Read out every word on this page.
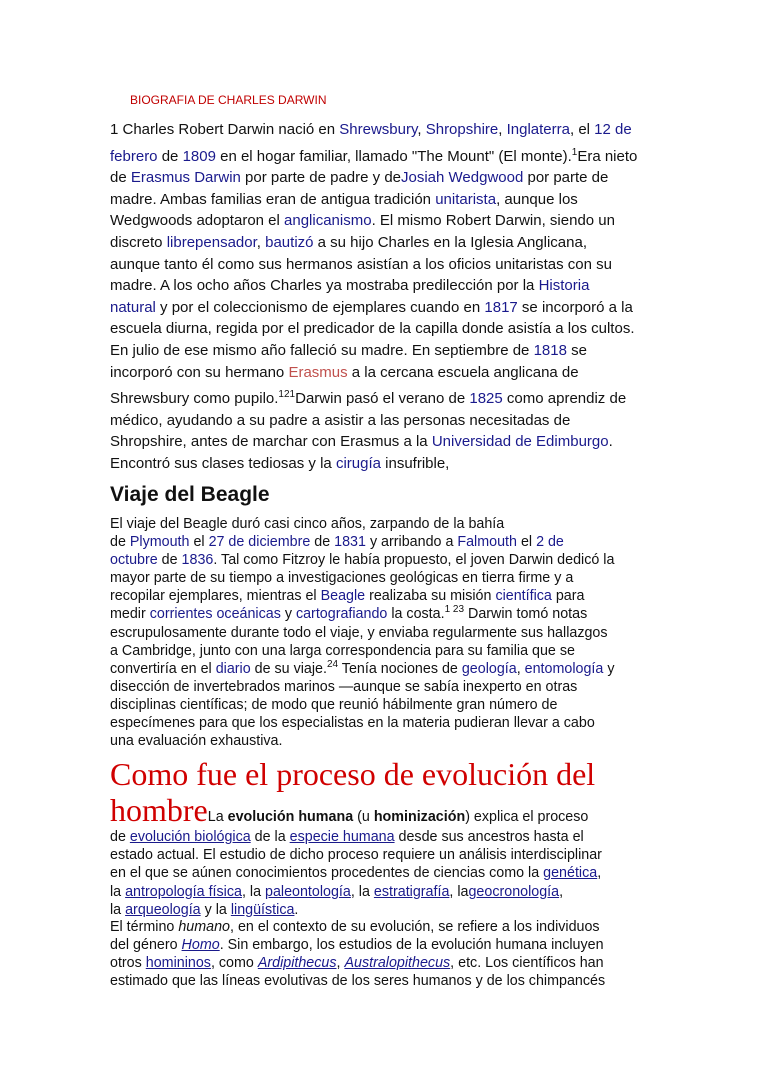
BIOGRAFIA DE CHARLES DARWIN
1 Charles Robert Darwin nació en Shrewsbury, Shropshire, Inglaterra, el 12 de
febrero de 1809 en el hogar familiar, llamado "The Mount" (El monte).$^1$Era nieto
de Erasmus Darwin por parte de padre y deJosiah Wedgwood por parte de
madre. Ambas familias eran de antigua tradición unitarista, aunque los
Wedgwoods adoptaron el anglicanismo. El mismo Robert Darwin, siendo un
discreto librepensador, bautizó a su hijo Charles en la Iglesia Anglicana,
aunque tanto él como sus hermanos asistían a los oficios unitaristas con su
madre. A los ocho años Charles ya mostraba predilección por la Historia
natural y por el coleccionismo de ejemplares cuando en 1817 se incorporó a la
escuela diurna, regida por el predicador de la capilla donde asistía a los cultos.
En julio de ese mismo año falleció su madre. En septiembre de 1818 se
incorporó con su hermano Erasmus a la cercana escuela anglicana de
Shrewsbury como pupilo.$^{121}$Darwin pasó el verano de 1825 como aprendiz de
médico, ayudando a su padre a asistir a las personas necesitadas de
Shropshire, antes de marchar con Erasmus a la Universidad de Edimburgo.
Encontró sus clases tediosas y la cirugía insufrible,
Viaje del Beagle
El viaje del Beagle duró casi cinco años, zarpando de la bahía
de Plymouth el 27 de diciembre de 1831 y arribando a Falmouth el 2 de
octubre de 1836. Tal como Fitzroy le había propuesto, el joven Darwin dedicó la
mayor parte de su tiempo a investigaciones geológicas en tierra firme y a
recopilar ejemplares, mientras el Beagle realizaba su misión científica para
medir corrientes oceánicas y cartografiando la costa.$^{1 23}$ Darwin tomó notas
escrupulosamente durante todo el viaje, y enviaba regularmente sus hallazgos
a Cambridge, junto con una larga correspondencia para su familia que se
convertiría en el diario de su viaje.$^{24}$ Tenía nociones de geología, entomología y
disección de invertebrados marinos —aunque se sabía inexperto en otras
disciplinas científicas; de modo que reunió hábilmente gran número de
especímenes para que los especialistas en la materia pudieran llevar a cabo
una evaluación exhaustiva.
Como fue el proceso de evolución del
hombreLa evolución humana (u hominización) explica el proceso
de evolución biológica de la especie humana desde sus ancestros hasta el
estado actual. El estudio de dicho proceso requiere un análisis interdisciplinar
en el que se aúnen conocimientos procedentes de ciencias como la genética,
la antropología física, la paleontología, la estratigrafía, lageocronología,
la arqueología y la lingüística.
El término humano, en el contexto de su evolución, se refiere a los individuos
del género Homo. Sin embargo, los estudios de la evolución humana incluyen
otros homininos, como Ardipithecus, Australopithecus, etc. Los científicos han
estimado que las líneas evolutivas de los seres humanos y de los chimpancés
